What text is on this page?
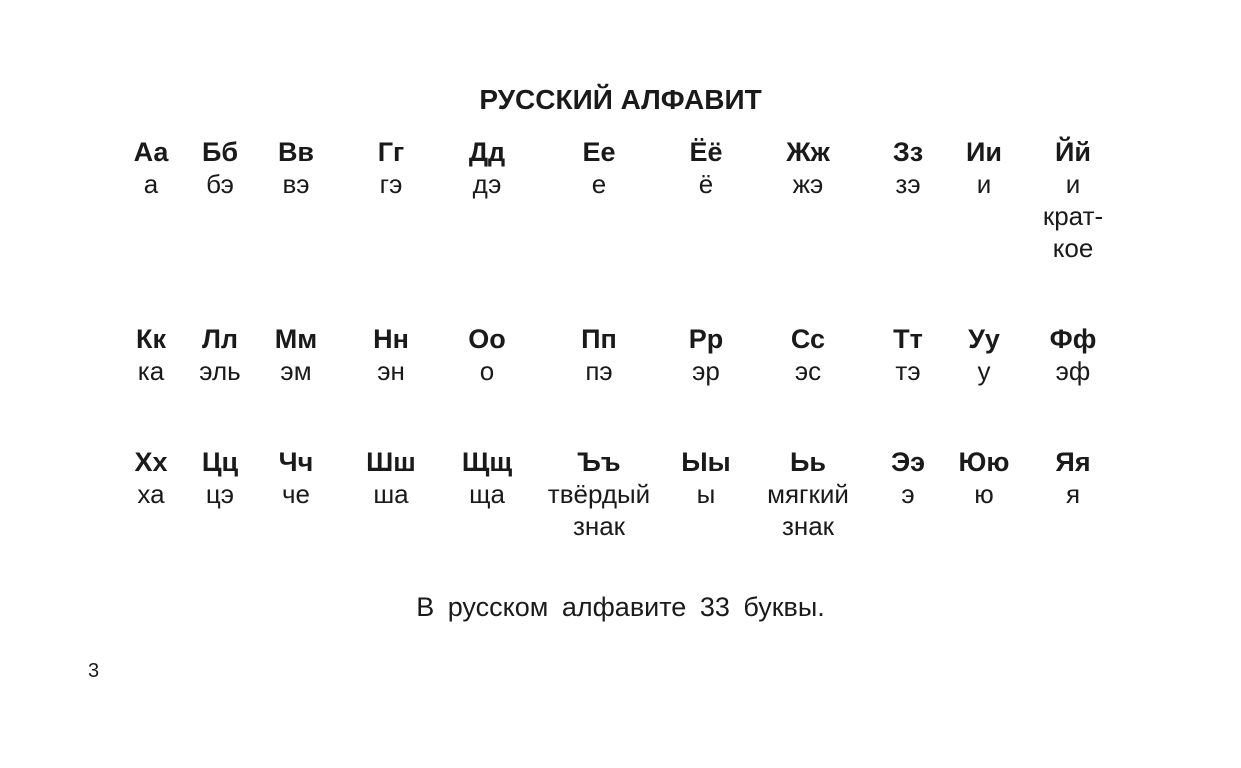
РУССКИЙ АЛФАВИТ
Аа
а
Бб
бэ
Вв
вэ
Гг
гэ
Дд
дэ
Ее
е
Ёё
ё
Жж
жэ
Зз
зэ
Ии
и
Йй
и
крат-
кое
Кк
ка
Лл
эль
Мм
эм
Нн
эн
Оо
о
Пп
пэ
Рр
эр
Сс
эс
Тт
тэ
Уу
у
Фф
эф
Хх
ха
Цц
цэ
Чч
че
Шш
ша
Щщ
ща
Ъъ
твёрдый
знак
Ыы
ы
Ьь
мягкий
знак
Ээ
э
Юю
ю
Яя
я
В русском алфавите 33 буквы.
3
